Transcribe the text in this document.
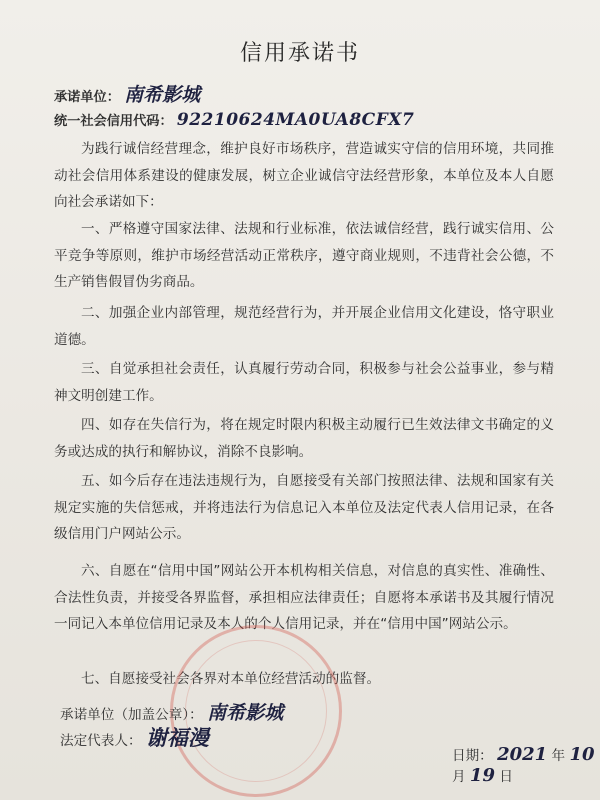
信用承诺书
承诺单位： 南希影城
统一社会信用代码： 92210624MA0UA8CFX7
为践行诚信经营理念，维护良好市场秩序，营造诚实守信的信用环境，共同推动社会信用体系建设的健康发展，树立企业诚信守法经营形象，本单位及本人自愿向社会承诺如下：
一、严格遵守国家法律、法规和行业标准，依法诚信经营，践行诚实信用、公平竞争等原则，维护市场经营活动正常秩序，遵守商业规则，不违背社会公德，不生产销售假冒伪劣商品。
二、加强企业内部管理，规范经营行为，并开展企业信用文化建设，恪守职业道德。
三、自觉承担社会责任，认真履行劳动合同，积极参与社会公益事业，参与精神文明创建工作。
四、如存在失信行为，将在规定时限内积极主动履行已生效法律文书确定的义务或达成的执行和解协议，消除不良影响。
五、如今后存在违法违规行为，自愿接受有关部门按照法律、法规和国家有关规定实施的失信惩戒，并将违法行为信息记入本单位及法定代表人信用记录，在各级信用门户网站公示。
六、自愿在“信用中国”网站公开本机构相关信息，对信息的真实性、准确性、合法性负责，并接受各界监督，承担相应法律责任；自愿将本承诺书及其履行情况一同记入本单位信用记录及本人的个人信用记录，并在“信用中国”网站公示。
七、自愿接受社会各界对本单位经营活动的监督。
承诺单位（加盖公章）： 南希影城
法定代表人： 谢福漫
日期： 2021 年 10 月 19 日
